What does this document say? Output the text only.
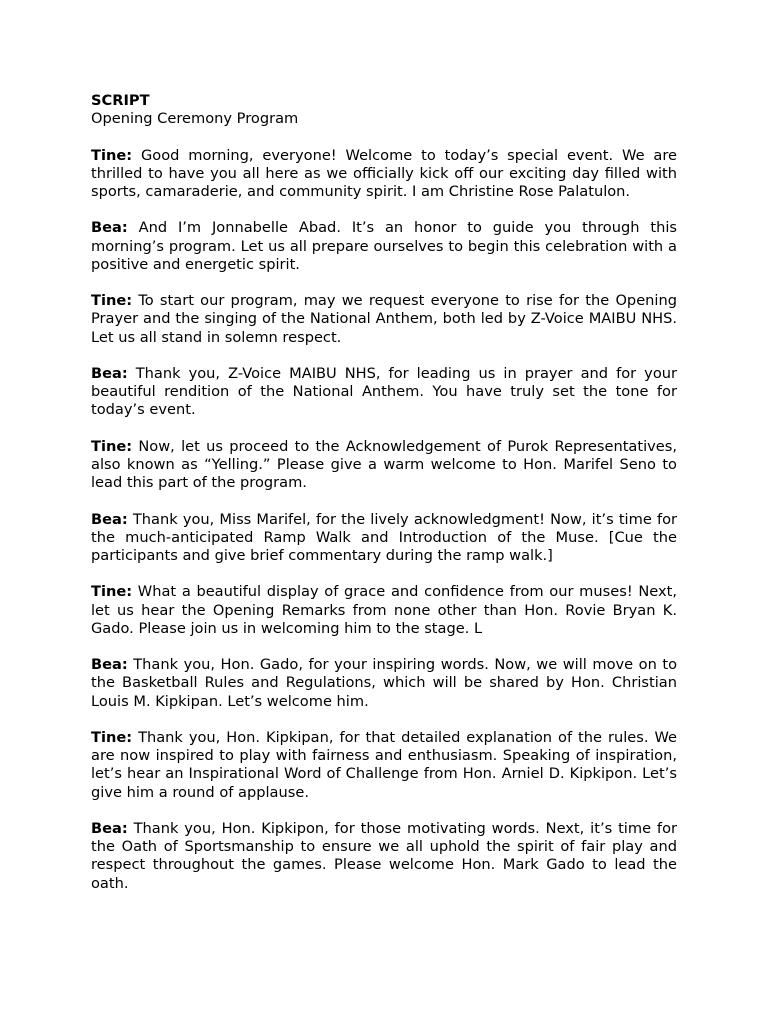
SCRIPT
Opening Ceremony Program

Tine: Good morning, everyone! Welcome to today’s special event. We are thrilled to have you all here as we officially kick off our exciting day filled with sports, camaraderie, and community spirit. I am Christine Rose Palatulon.

Bea: And I’m Jonnabelle Abad. It’s an honor to guide you through this morning’s program. Let us all prepare ourselves to begin this celebration with a positive and energetic spirit.

Tine: To start our program, may we request everyone to rise for the Opening Prayer and the singing of the National Anthem, both led by Z-Voice MAIBU NHS. Let us all stand in solemn respect.

Bea: Thank you, Z-Voice MAIBU NHS, for leading us in prayer and for your beautiful rendition of the National Anthem. You have truly set the tone for today’s event.

Tine: Now, let us proceed to the Acknowledgement of Purok Representatives, also known as “Yelling.” Please give a warm welcome to Hon. Marifel Seno to lead this part of the program.

Bea: Thank you, Miss Marifel, for the lively acknowledgment! Now, it’s time for the much-anticipated Ramp Walk and Introduction of the Muse. [Cue the participants and give brief commentary during the ramp walk.]

Tine: What a beautiful display of grace and confidence from our muses! Next, let us hear the Opening Remarks from none other than Hon. Rovie Bryan K. Gado. Please join us in welcoming him to the stage. L

Bea: Thank you, Hon. Gado, for your inspiring words. Now, we will move on to the Basketball Rules and Regulations, which will be shared by Hon. Christian Louis M. Kipkipan. Let’s welcome him.

Tine: Thank you, Hon. Kipkipan, for that detailed explanation of the rules. We are now inspired to play with fairness and enthusiasm. Speaking of inspiration, let’s hear an Inspirational Word of Challenge from Hon. Arniel D. Kipkipon. Let’s give him a round of applause.

Bea: Thank you, Hon. Kipkipon, for those motivating words. Next, it’s time for the Oath of Sportsmanship to ensure we all uphold the spirit of fair play and respect throughout the games. Please welcome Hon. Mark Gado to lead the oath.
